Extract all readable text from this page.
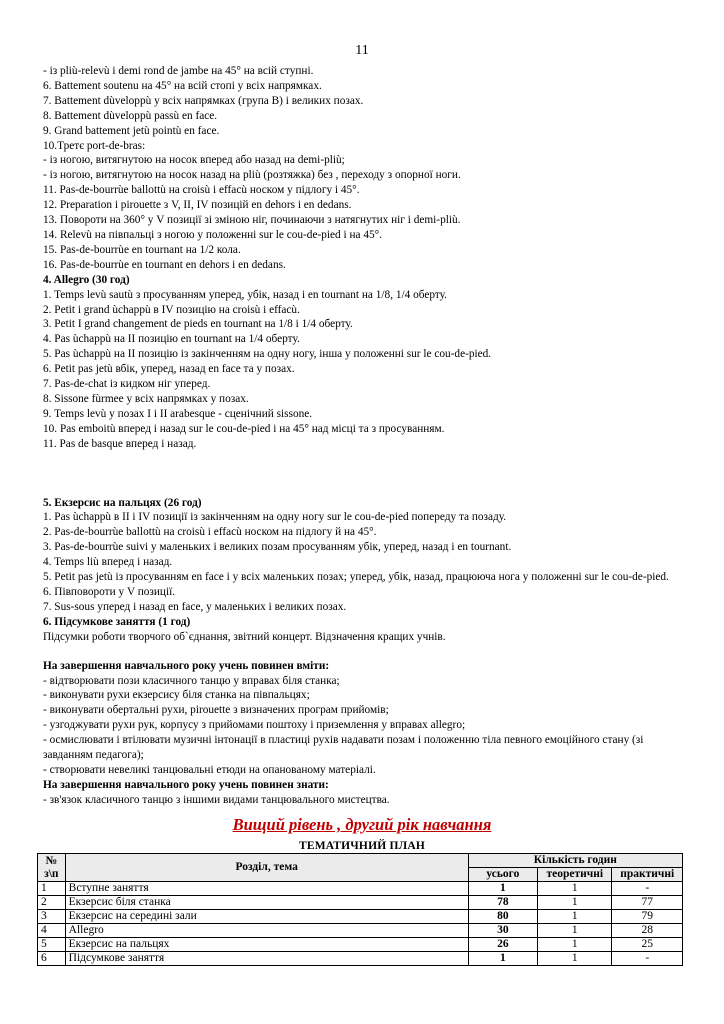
11
- із pliù-relevù і demi rond de jambe на 45° на всій ступні.
6. Battement soutenu на 45° на всій стопі у всіх напрямках.
7. Battement dùveloppù у всіх напрямках (група В) і великих позах.
8. Battement dùveloppù passù en face.
9. Grand battement jetù pointù en face.
10.Третє port-de-bras:
- із ногою, витягнутою на носок вперед або назад на demi-pliù;
- із ногою, витягнутою на носок назад на pliù (розтяжка) без , переходу з опорної ноги.
11. Pas-de-bourrùe ballottù на croisù і effacù носком у підлогу і 45°.
12. Preparation і pirouette з V, II, IV позицій en dehors і en dedans.
13. Повороти на 360° у V позиції зі зміною ніг, починаючи з натягнутих ніг і demi-pliù.
14. Relevù на півпальці з ногою у положенні sur le cou-de-pied і на 45°.
15. Pas-de-bourrùe en tournant на 1/2 кола.
16. Pas-de-bourrùe en tournant en dehors і en dedans.
4. Allegro (30 год)
1. Temps levù sautù з просуванням уперед, убік, назад і en tournant на 1/8, 1/4 оберту.
2. Petit і grand ùchappù в IV позицію на croisù і effacù.
3. Petit I grand changement de pieds en tournant на 1/8 і 1/4 оберту.
4. Pas ùchappù на II позицію en tournant на 1/4 оберту.
5. Pas ùchappù на II позицію із закінченням на одну ногу, інша у положенні sur le cou-de-pied.
6. Petit pas jetù вбік, уперед, назад en face та у позах.
7. Pas-de-chat із кидком ніг уперед.
8. Sissone fùrmee у всіх напрямках у позах.
9. Temps levù у позах I і II arabesque - сценічний sissone.
10. Pas emboitù вперед і назад sur le cou-de-pied і на 45° над місці та з просуванням.
11. Pas de basque вперед і назад.
5. Екзерсис на пальцях (26 год)
1. Pas ùchappù в II і IV позиції із закінченням на одну ногу sur le cou-de-pied попереду та позаду.
2. Pas-de-bourrùe ballottù на croisù і effacù носком на підлогу й на 45°.
3. Pas-de-bourrùe suivi у маленьких і великих позам просуванням убік, уперед, назад і en tournant.
4. Temps liù вперед і назад.
5. Petit pas jetù із просуванням en face і у всіх маленьких позах; уперед, убік, назад, працююча нога у положенні sur le cou-de-pied.
6. Півповороти у V позиції.
7. Sus-sous уперед і назад en face, у маленьких і великих позах.
6. Підсумкове заняття (1 год)
Підсумки роботи творчого об`єднання, звітний концерт. Відзначення кращих учнів.
На завершення навчального року учень повинен вміти:
- відтворювати пози класичного танцю у вправах біля станка;
- виконувати рухи екзерсису біля станка на півпальцях;
- виконувати обертальні рухи, pirouette з визначених програм прийомів;
- узгоджувати рухи рук, корпусу з прийомами поштоху і приземлення у вправах allegro;
- осмислювати і втілювати музичні інтонації в пластиці рухів надавати позам і положенню тіла певного емоційного стану (зі завданням педагога);
- створювати невеликі танцювальні етюди на опанованому матеріалі.
На завершення навчального року учень повинен знати:
- зв'язок класичного танцю з іншими видами танцювального мистецтва.
Вищий рівень , другий рік навчання
ТЕМАТИЧНИЙ ПЛАН
№ з\п	Розділ, тема	Кількість годин		
		усього	теоретичні	практичні
1	Вступне заняття	1	1	-
2	Екзерсис біля станка	78	1	77
3	Екзерсис на середині зали	80	1	79
4	Allegro	30	1	28
5	Екзерсис на пальцях	26	1	25
6	Підсумкове заняття	1	1	-
